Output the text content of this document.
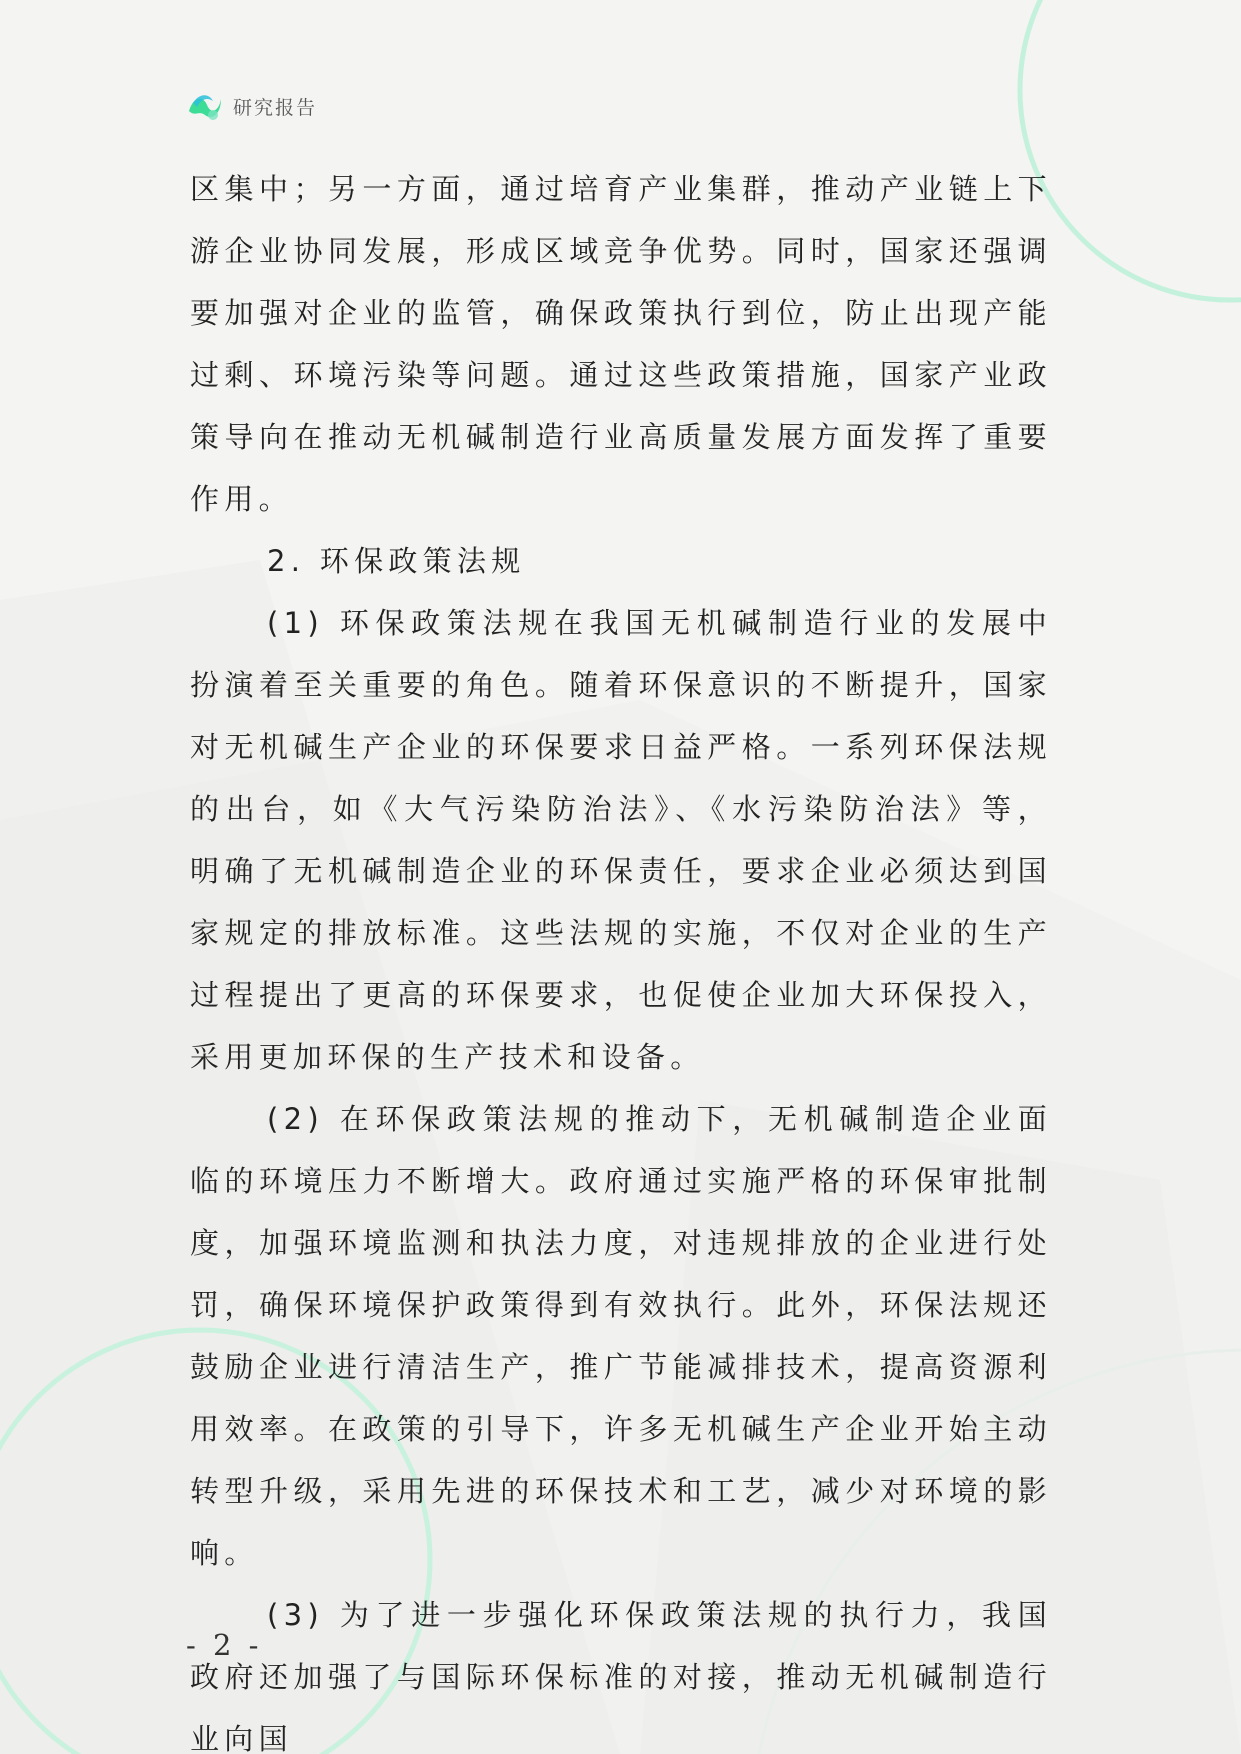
研究报告

区集中；另一方面，通过培育产业集群，推动产业链上下游企业协同发展，形成区域竞争优势。同时，国家还强调要加强对企业的监管，确保政策执行到位，防止出现产能过剩、环境污染等问题。通过这些政策措施，国家产业政策导向在推动无机碱制造行业高质量发展方面发挥了重要作用。

2. 环保政策法规

(1) 环保政策法规在我国无机碱制造行业的发展中扮演着至关重要的角色。随着环保意识的不断提升，国家对无机碱生产企业的环保要求日益严格。一系列环保法规的出台，如《大气污染防治法》、《水污染防治法》等，明确了无机碱制造企业的环保责任，要求企业必须达到国家规定的排放标准。这些法规的实施，不仅对企业的生产过程提出了更高的环保要求，也促使企业加大环保投入，采用更加环保的生产技术和设备。

(2) 在环保政策法规的推动下，无机碱制造企业面临的环境压力不断增大。政府通过实施严格的环保审批制度，加强环境监测和执法力度，对违规排放的企业进行处罚，确保环境保护政策得到有效执行。此外，环保法规还鼓励企业进行清洁生产，推广节能减排技术，提高资源利用效率。在政策的引导下，许多无机碱生产企业开始主动转型升级，采用先进的环保技术和工艺，减少对环境的影响。

(3) 为了进一步强化环保政策法规的执行力，我国政府还加强了与国际环保标准的对接，推动无机碱制造行业向国

- 2 -
